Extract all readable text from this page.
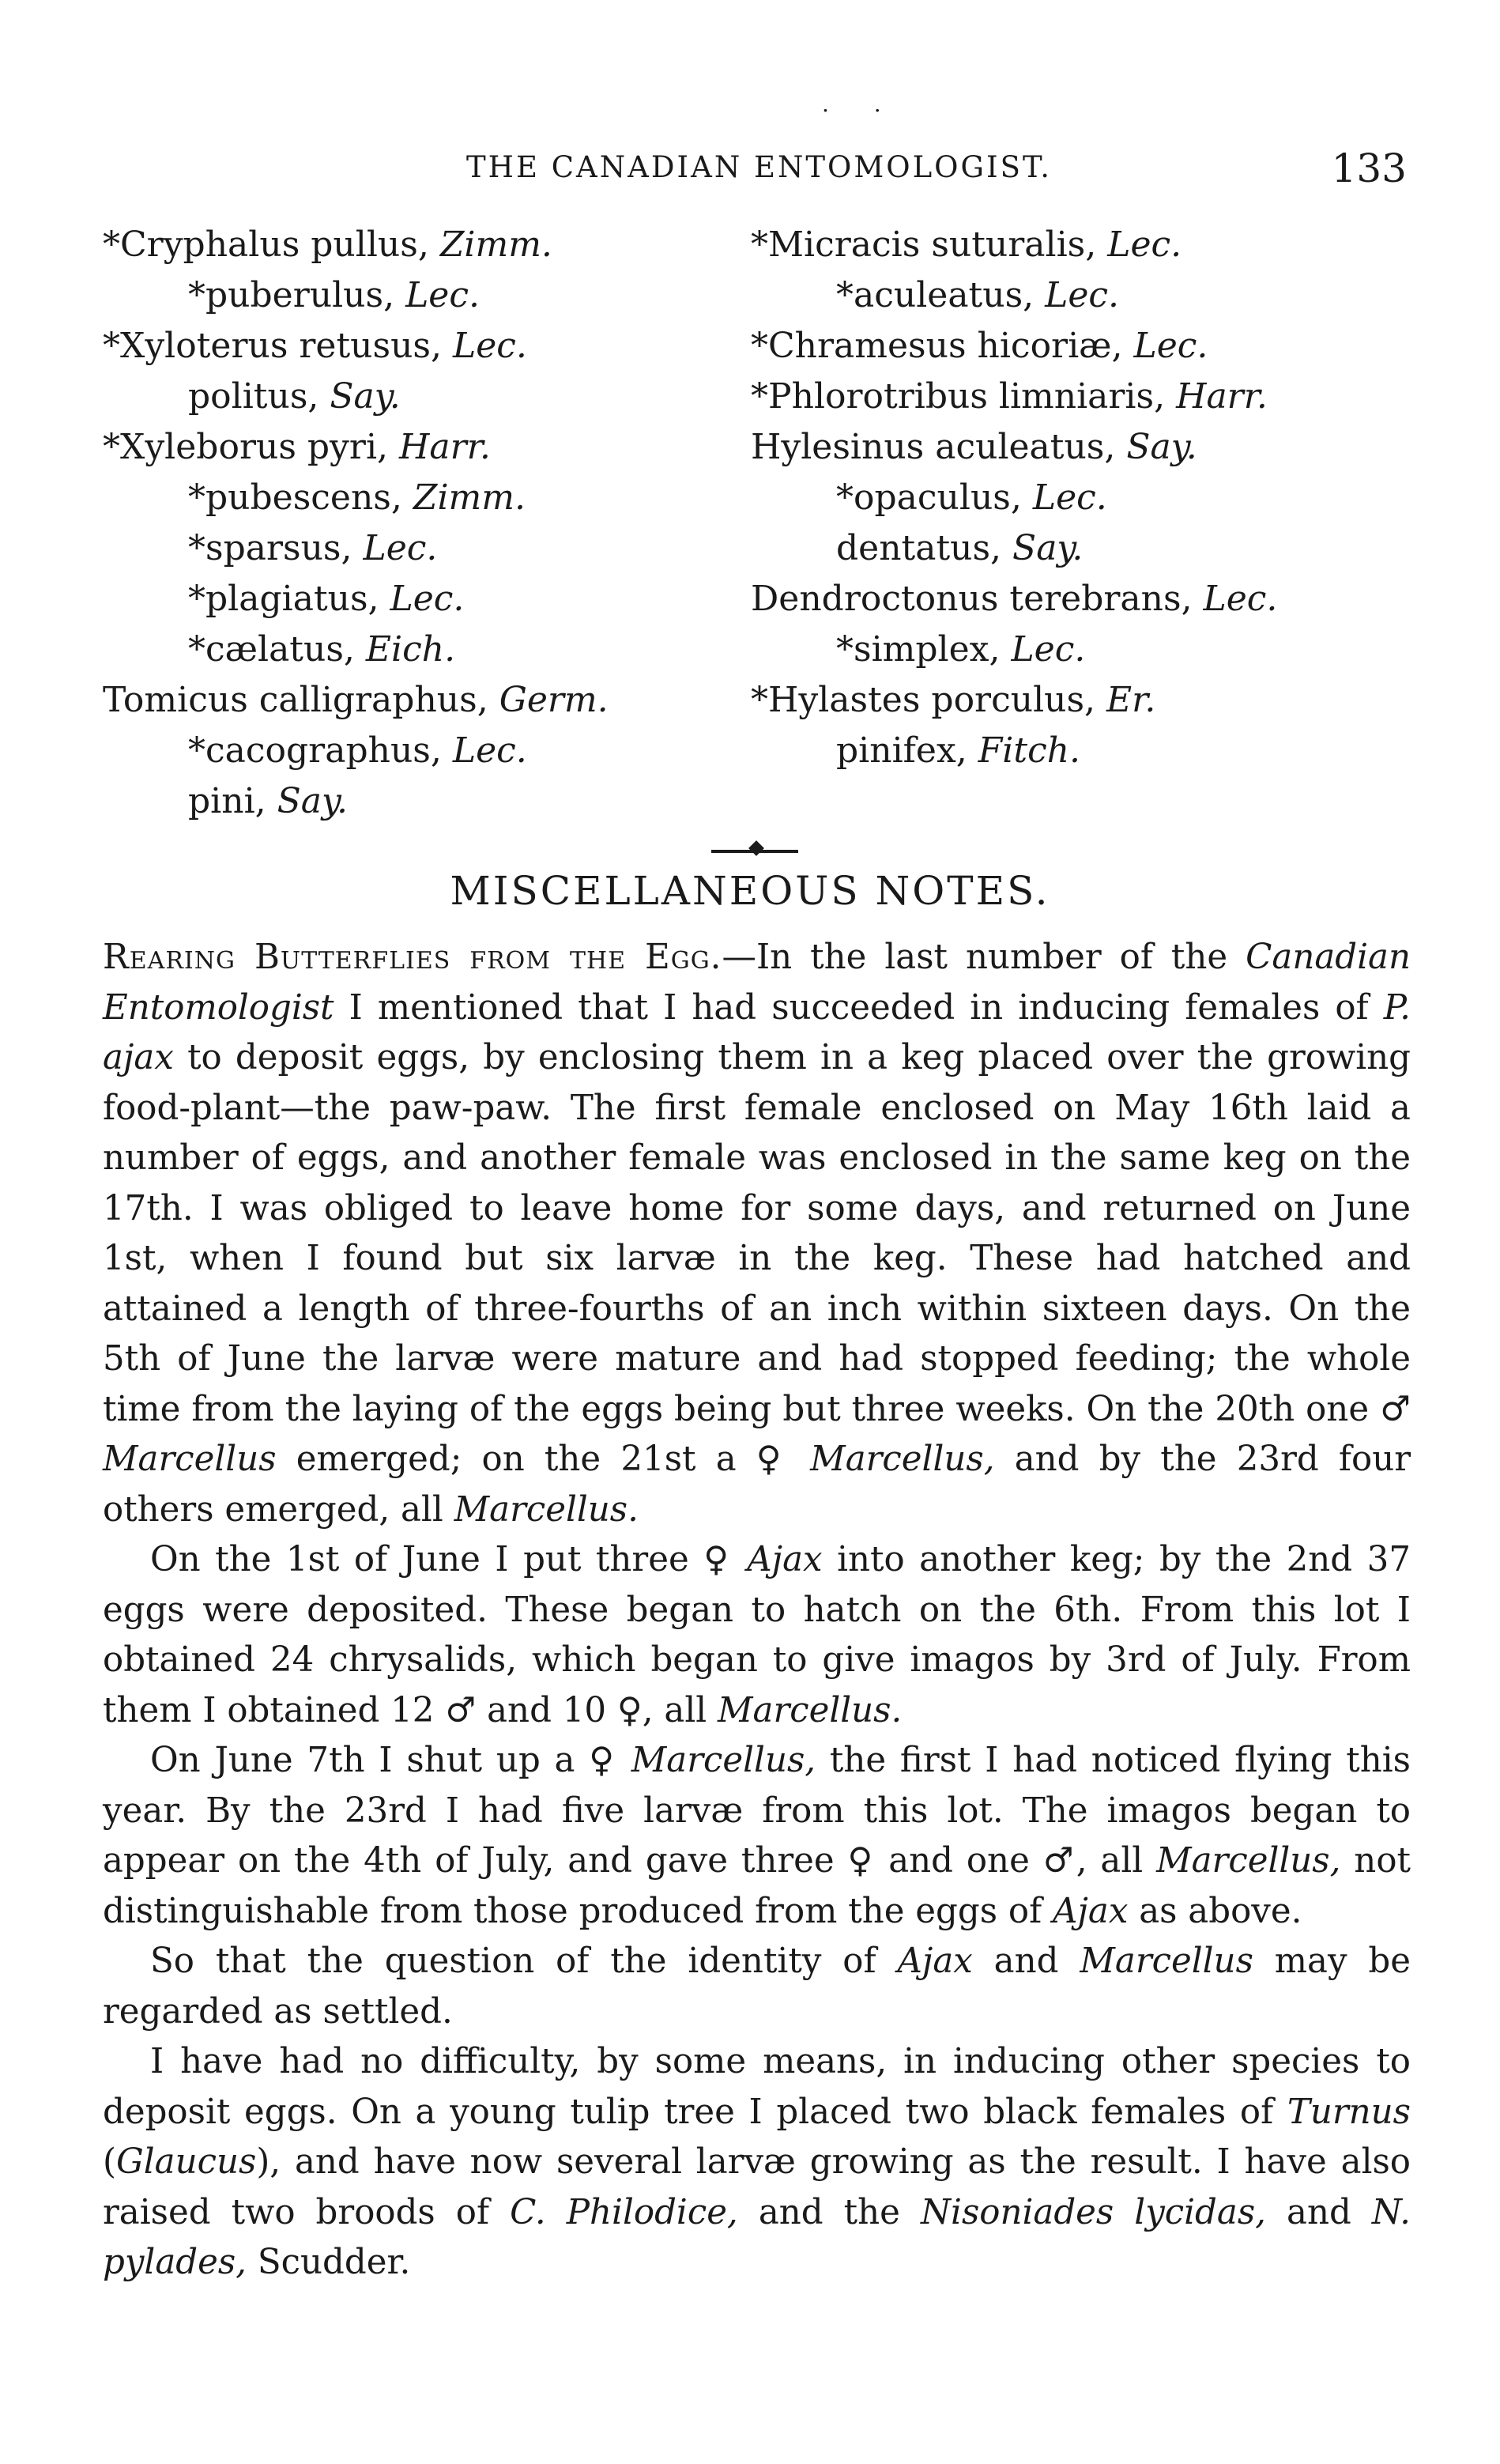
. .
THE CANADIAN ENTOMOLOGIST.	133
*Cryphalus pullus, Zimm.
*puberulus, Lec.
*Xyloterus retusus, Lec.
politus, Say.
*Xyleborus pyri, Harr.
*pubescens, Zimm.
*sparsus, Lec.
*plagiatus, Lec.
*cælatus, Eich.
Tomicus calligraphus, Germ.
*cacographus, Lec.
pini, Say.
*Micracis suturalis, Lec.
*aculeatus, Lec.
*Chramesus hicoriæ, Lec.
*Phlorotribus limniaris, Harr.
Hylesinus aculeatus, Say.
*opaculus, Lec.
dentatus, Say.
Dendroctonus terebrans, Lec.
*simplex, Lec.
*Hylastes porculus, Er.
pinifex, Fitch.
MISCELLANEOUS NOTES.

Rearing Butterflies from the Egg.—In the last number of the Canadian Entomologist I mentioned that I had succeeded in inducing females of P. ajax to deposit eggs, by enclosing them in a keg placed over the growing food-plant—the paw-paw. The first female enclosed on May 16th laid a number of eggs, and another female was enclosed in the same keg on the 17th. I was obliged to leave home for some days, and returned on June 1st, when I found but six larvæ in the keg. These had hatched and attained a length of three-fourths of an inch within sixteen days. On the 5th of June the larvæ were mature and had stopped feeding; the whole time from the laying of the eggs being but three weeks. On the 20th one ♂ Marcellus emerged; on the 21st a ♀ Marcellus, and by the 23rd four others emerged, all Marcellus.

On the 1st of June I put three ♀ Ajax into another keg; by the 2nd 37 eggs were deposited. These began to hatch on the 6th. From this lot I obtained 24 chrysalids, which began to give imagos by 3rd of July. From them I obtained 12 ♂ and 10 ♀, all Marcellus.

On June 7th I shut up a ♀ Marcellus, the first I had noticed flying this year. By the 23rd I had five larvæ from this lot. The imagos began to appear on the 4th of July, and gave three ♀ and one ♂, all Marcellus, not distinguishable from those produced from the eggs of Ajax as above.

So that the question of the identity of Ajax and Marcellus may be regarded as settled.

I have had no difficulty, by some means, in inducing other species to deposit eggs. On a young tulip tree I placed two black females of Turnus (Glaucus), and have now several larvæ growing as the result. I have also raised two broods of C. Philodice, and the Nisoniades lycidas, and N. pylades, Scudder.
